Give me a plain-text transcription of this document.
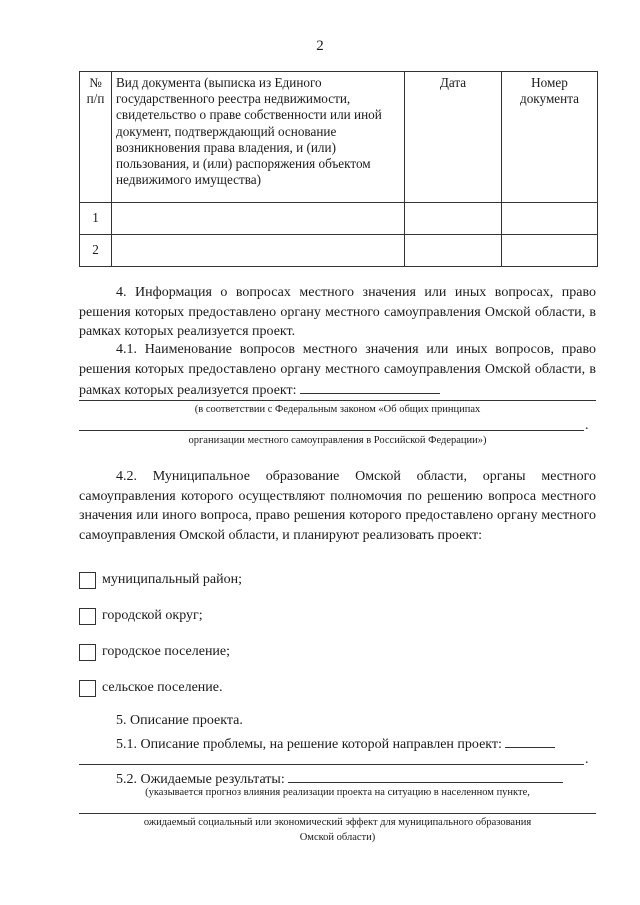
2
№ п/п	Вид документа (выписка из Единого государственного реестра недвижимости, свидетельство о праве собственности или иной документ, подтверждающий основание возникновения права владения, и (или) пользования, и (или) распоряжения объектом недвижимого имущества)	Дата	Номер документа
1			
2			
4. Информация о вопросах местного значения или иных вопросах, право решения которых предоставлено органу местного самоуправления Омской области, в рамках которых реализуется проект.
4.1. Наименование вопросов местного значения или иных вопросов, право решения которых предоставлено органу местного самоуправления Омской области, в рамках которых реализуется проект:
(в соответствии с Федеральным законом «Об общих принципах
.
организации местного самоуправления в Российской Федерации»)
4.2. Муниципальное образование Омской области, органы местного самоуправления которого осуществляют полномочия по решению вопроса местного значения или иного вопроса, право решения которого предоставлено органу местного самоуправления Омской области, и планируют реализовать проект:
муниципальный район;
городской округ;
городское поселение;
сельское поселение.
5. Описание проекта.
5.1. Описание проблемы, на решение которой направлен проект:
.
5.2. Ожидаемые результаты:
(указывается прогноз влияния реализации проекта на ситуацию в населенном пункте,
ожидаемый социальный или экономический эффект для муниципального образования
Омской области)
